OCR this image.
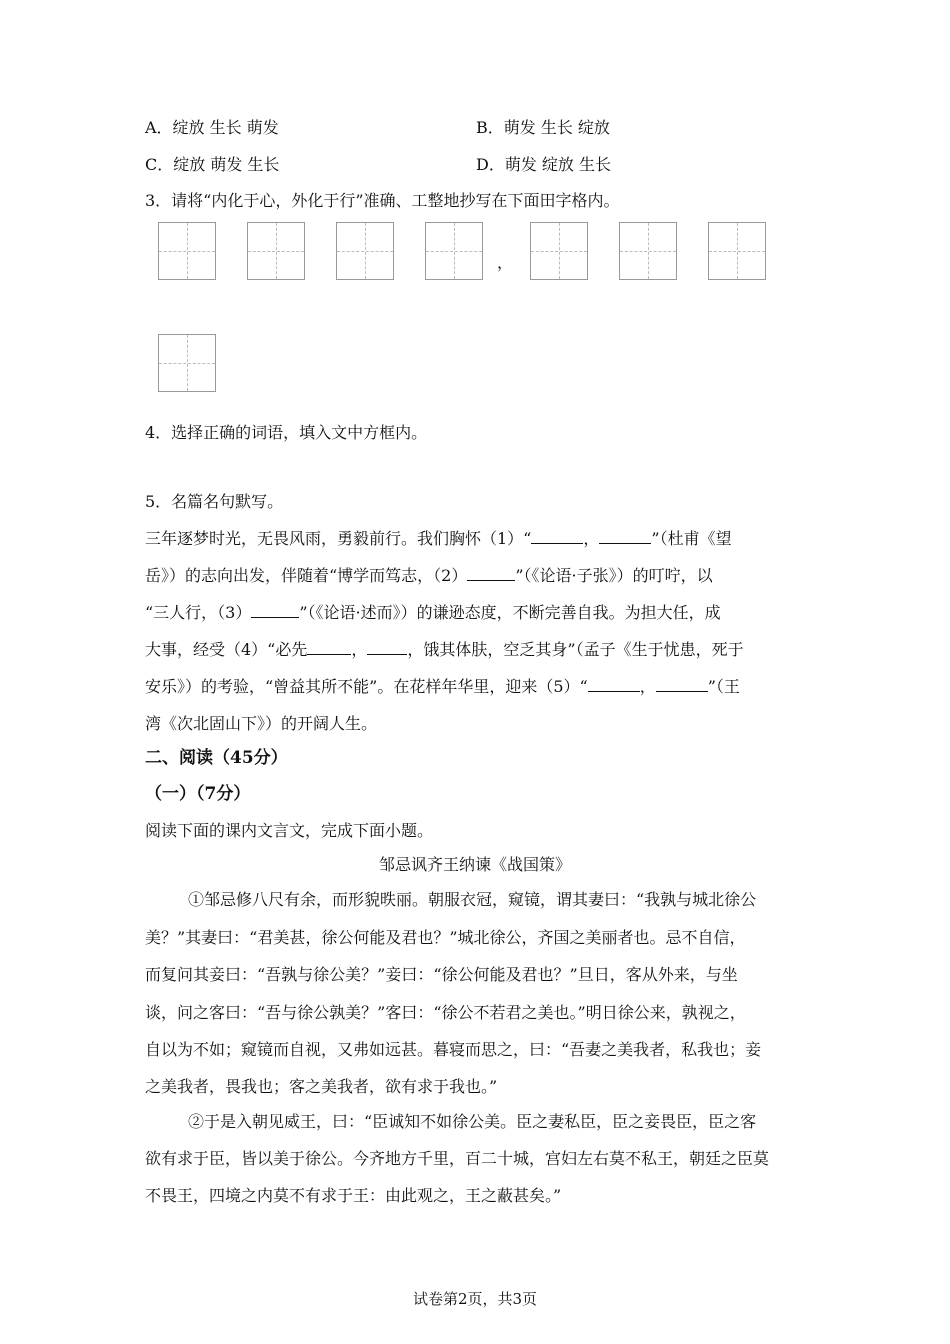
A．绽放 生长 萌发	B．萌发 生长 绽放
C．绽放 萌发 生长	D．萌发 绽放 生长
3．请将“内化于心，外化于行”准确、工整地抄写在下面田字格内。
，
4．选择正确的词语，填入文中方框内。
5．名篇名句默写。
三年逐梦时光，无畏风雨，勇毅前行。我们胸怀（1）“	，	”（杜甫《望
岳》）的志向出发，伴随着“博学而笃志，（2）	”（《论语·子张》）的叮咛，以
“三人行，（3）	”（《论语·述而》）的谦逊态度，不断完善自我。为担大任，成
大事，经受（4）“必先	，	，饿其体肤，空乏其身”（孟子《生于忧患，死于
安乐》）的考验，“曾益其所不能”。在花样年华里，迎来（5）“	，	”（王
湾《次北固山下》）的开阔人生。
二、阅读（45分）
（一）（7分）
阅读下面的课内文言文，完成下面小题。
邹忌讽齐王纳谏《战国策》
①邹忌修八尺有余，而形貌昳丽。朝服衣冠，窥镜，谓其妻曰：“我孰与城北徐公
美？”其妻曰：“君美甚，徐公何能及君也？”城北徐公，齐国之美丽者也。忌不自信，
而复问其妾曰：“吾孰与徐公美？”妾曰：“徐公何能及君也？”旦日，客从外来，与坐
谈，问之客曰：“吾与徐公孰美？”客曰：“徐公不若君之美也。”明日徐公来，孰视之，
自以为不如；窥镜而自视，又弗如远甚。暮寝而思之，曰：“吾妻之美我者，私我也；妾
之美我者，畏我也；客之美我者，欲有求于我也。”
②于是入朝见威王，曰：“臣诚知不如徐公美。臣之妻私臣，臣之妾畏臣，臣之客
欲有求于臣，皆以美于徐公。今齐地方千里，百二十城，宫妇左右莫不私王，朝廷之臣莫
不畏王，四境之内莫不有求于王：由此观之，王之蔽甚矣。”
试卷第2页，共3页
